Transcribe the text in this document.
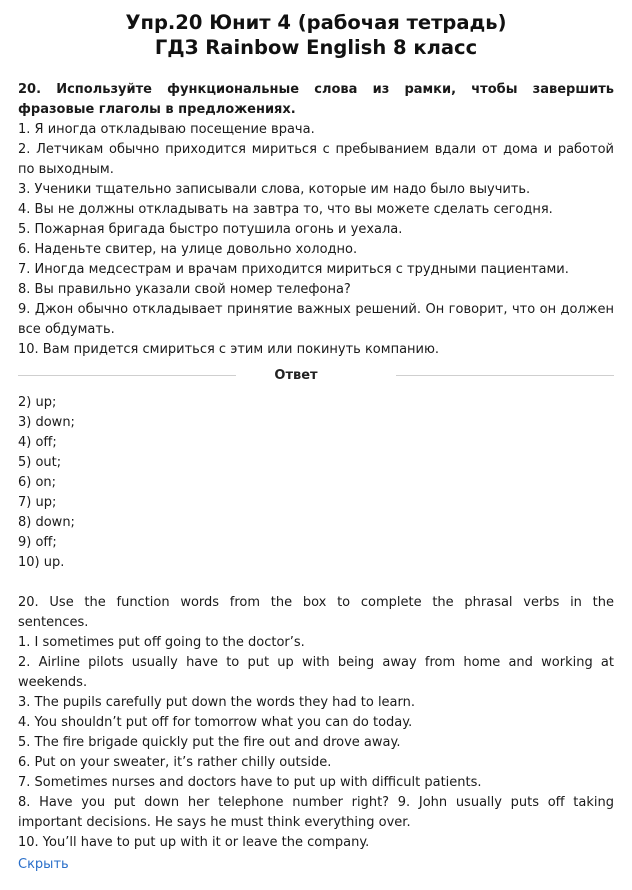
Упр.20 Юнит 4 (рабочая тетрадь)
ГДЗ Rainbow English 8 класс
20. Используйте функциональные слова из рамки, чтобы завершить фразовые глаголы в предложениях.
1. Я иногда откладываю посещение врача.
2. Летчикам обычно приходится мириться с пребыванием вдали от дома и работой по выходным.
3. Ученики тщательно записывали слова, которые им надо было выучить.
4. Вы не должны откладывать на завтра то, что вы можете сделать сегодня.
5. Пожарная бригада быстро потушила огонь и уехала.
6. Наденьте свитер, на улице довольно холодно.
7. Иногда медсестрам и врачам приходится мириться с трудными пациентами.
8. Вы правильно указали свой номер телефона?
9. Джон обычно откладывает принятие важных решений. Он говорит, что он должен все обдумать.
10. Вам придется смириться с этим или покинуть компанию.
Ответ
2) up;
3) down;
4) off;
5) out;
6) on;
7) up;
8) down;
9) off;
10) up.
20. Use the function words from the box to complete the phrasal verbs in the sentences.
1. I sometimes put off going to the doctor’s.
2. Airline pilots usually have to put up with being away from home and working at weekends.
3. The pupils carefully put down the words they had to learn.
4. You shouldn’t put off for tomorrow what you can do today.
5. The fire brigade quickly put the fire out and drove away.
6. Put on your sweater, it’s rather chilly outside.
7. Sometimes nurses and doctors have to put up with difficult patients.
8. Have you put down her telephone number right? 9. John usually puts off taking important decisions. He says he must think everything over.
10. You’ll have to put up with it or leave the company.
Скрыть
